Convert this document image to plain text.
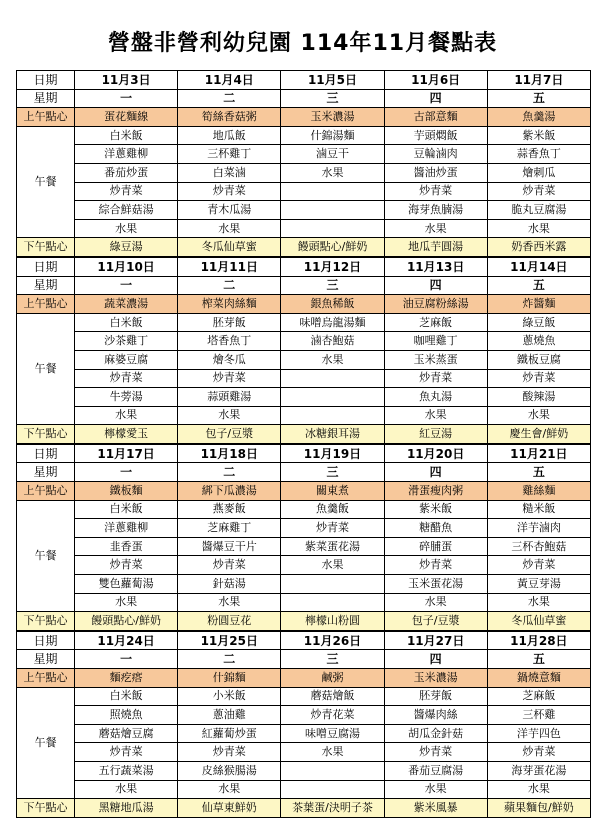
營盤非營利幼兒園 114年11月餐點表
日期	11月3日	11月4日	11月5日	11月6日	11月7日
星期	一	二	三	四	五
上午點心	蛋花麵線	筍絲香菇粥	玉米濃湯	古部意麵	魚羹湯
午餐	白米飯	地瓜飯	什錦湯麵	芋頭燜飯	紫米飯
	洋蔥雞柳	三杯雞丁	滷豆干	豆輪滷肉	蒜香魚丁
	番茄炒蛋	白菜滷	水果	醬油炒蛋	燴刺瓜
	炒青菜	炒青菜		炒青菜	炒青菜
	綜合鮮菇湯	青木瓜湯		海芽魚腩湯	脆丸豆腐湯
	水果	水果		水果	水果
下午點心	綠豆湯	冬瓜仙草蜜	饅頭點心/鮮奶	地瓜芋圓湯	奶香西米露
日期	11月10日	11月11日	11月12日	11月13日	11月14日
星期	一	二	三	四	五
上午點心	蔬菜濃湯	榨菜肉絲麵	銀魚稀飯	油豆腐粉絲湯	炸醬麵
午餐	白米飯	胚芽飯	味噌烏龍湯麵	芝麻飯	綠豆飯
	沙茶雞丁	塔香魚丁	滷杏鮑菇	咖哩雞丁	蔥燒魚
	麻婆豆腐	燴冬瓜	水果	玉米蒸蛋	鐵板豆腐
	炒青菜	炒青菜		炒青菜	炒青菜
	牛蒡湯	蒜頭雞湯		魚丸湯	酸辣湯
	水果	水果		水果	水果
下午點心	檸檬愛玉	包子/豆漿	冰糖銀耳湯	紅豆湯	慶生會/鮮奶
日期	11月17日	11月18日	11月19日	11月20日	11月21日
星期	一	二	三	四	五
上午點心	鐵板麵	綁下瓜濃湯	關東煮	滑蛋瘦肉粥	雞絲麵
午餐	白米飯	燕麥飯	魚羹飯	紫米飯	糙米飯
	洋蔥雞柳	芝麻雞丁	炒青菜	糖醋魚	洋芋滷肉
	韭香蛋	醬爆豆干片	紫菜蛋花湯	碎脯蛋	三杯杏鮑菇
	炒青菜	炒青菜	水果	炒青菜	炒青菜
	雙色蘿蔔湯	針菇湯		玉米蛋花湯	黃豆芽湯
	水果	水果		水果	水果
下午點心	饅頭點心/鮮奶	粉圓豆花	檸檬山粉圓	包子/豆漿	冬瓜仙草蜜
日期	11月24日	11月25日	11月26日	11月27日	11月28日
星期	一	二	三	四	五
上午點心	麵疙瘩	什錦麵	鹹粥	玉米濃湯	鍋燒意麵
午餐	白米飯	小米飯	蘑菇燴飯	胚芽飯	芝麻飯
	照燒魚	蔥油雞	炒青花菜	醬爆肉絲	三杯雞
	蘑菇燴豆腐	紅蘿蔔炒蛋	味噌豆腐湯	胡瓜金針菇	洋芋四色
	炒青菜	炒青菜	水果	炒青菜	炒青菜
	五行蔬菜湯	皮絲猴腸湯		番茄豆腐湯	海芽蛋花湯
	水果	水果		水果	水果
下午點心	黑糖地瓜湯	仙草東鮮奶	茶葉蛋/決明子茶	紫米風暴	蘋果麵包/鮮奶
